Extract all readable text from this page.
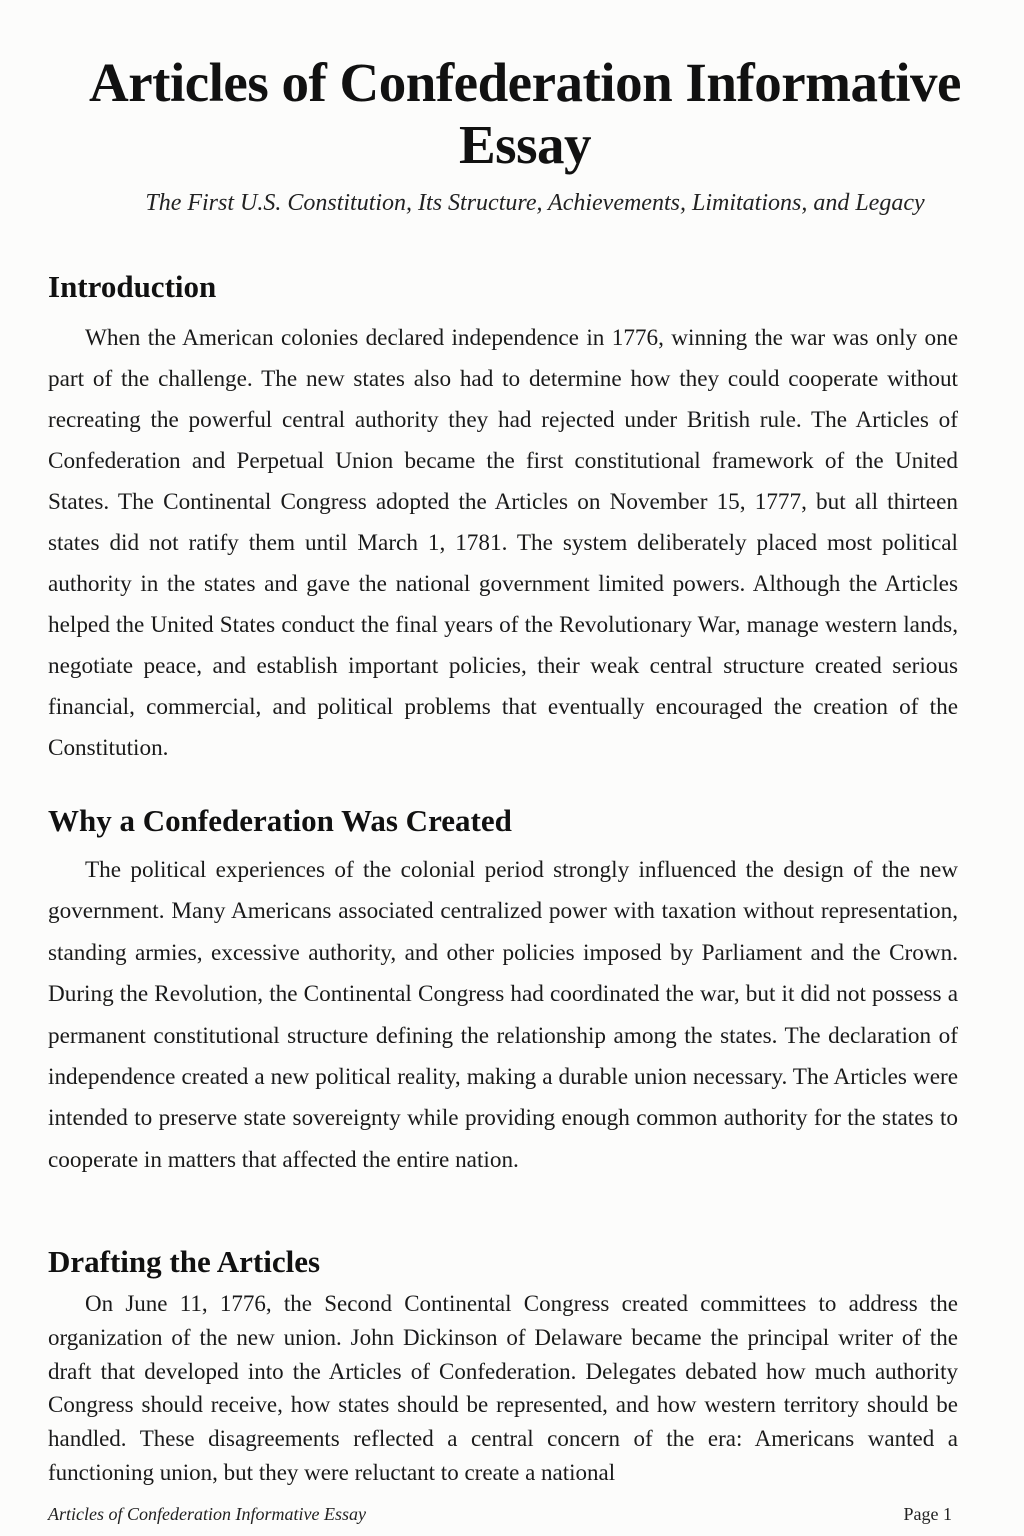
Articles of Confederation Informative Essay

The First U.S. Constitution, Its Structure, Achievements, Limitations, and Legacy

Introduction

When the American colonies declared independence in 1776, winning the war was only one part of the challenge. The new states also had to determine how they could cooperate without recreating the powerful central authority they had rejected under British rule. The Articles of Confederation and Perpetual Union became the first constitutional framework of the United States. The Continental Congress adopted the Articles on November 15, 1777, but all thirteen states did not ratify them until March 1, 1781. The system deliberately placed most political authority in the states and gave the national government limited powers. Although the Articles helped the United States conduct the final years of the Revolutionary War, manage western lands, negotiate peace, and establish important policies, their weak central structure created serious financial, commercial, and political problems that eventually encouraged the creation of the Constitution.

Why a Confederation Was Created

The political experiences of the colonial period strongly influenced the design of the new government. Many Americans associated centralized power with taxation without representation, standing armies, excessive authority, and other policies imposed by Parliament and the Crown. During the Revolution, the Continental Congress had coordinated the war, but it did not possess a permanent constitutional structure defining the relationship among the states. The declaration of independence created a new political reality, making a durable union necessary. The Articles were intended to preserve state sovereignty while providing enough common authority for the states to cooperate in matters that affected the entire nation.

Drafting the Articles

On June 11, 1776, the Second Continental Congress created committees to address the organization of the new union. John Dickinson of Delaware became the principal writer of the draft that developed into the Articles of Confederation. Delegates debated how much authority Congress should receive, how states should be represented, and how western territory should be handled. These disagreements reflected a central concern of the era: Americans wanted a functioning union, but they were reluctant to create a national

Articles of Confederation Informative Essay	Page 1
